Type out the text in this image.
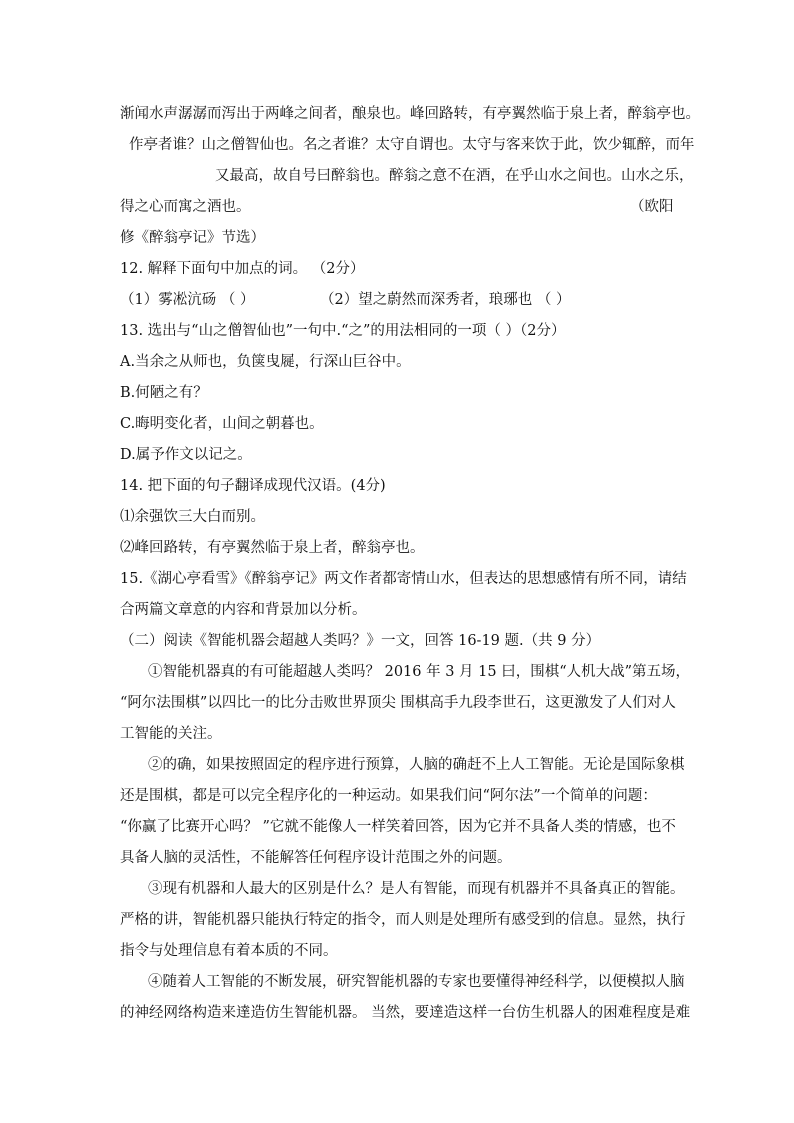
渐闻水声潺潺而泻出于两峰之间者，酿泉也。峰回路转，有亭翼然临于泉上者，醉翁亭也。
作亭者谁？山之僧智仙也。名之者谁？太守自谓也。太守与客来饮于此，饮少辄醉，而年
又最高，故自号曰醉翁也。醉翁之意不在酒，在乎山水之间也。山水之乐，
得之心而寓之酒也。	（欧阳
修《醉翁亭记》节选）
12. 解释下面句中加点的词。 （2分）
（1）雾凇沆砀 （ ）	（2）望之蔚然而深秀者，琅琊也 （ ）
13. 选出与“山之僧智仙也”一句中.“之”的用法相同的一项（ ）（2分）
A.当余之从师也，负箧曳屣，行深山巨谷中。
B.何陋之有？
C.晦明变化者，山间之朝暮也。
D.属予作文以记之。
14. 把下面的句子翻译成现代汉语。(4分)
⑴余强饮三大白而别。
⑵峰回路转，有亭翼然临于泉上者，醉翁亭也。
15.《湖心亭看雪》《醉翁亭记》两文作者都寄情山水，但表达的思想感情有所不同，请结
合两篇文章意的内容和背景加以分析。
（二）阅读《智能机器会超越人类吗？》一文，回答 16-19 题.（共 9 分）
①智能机器真的有可能超越人类吗？ 2016 年 3 月 15 曰，围棋“人机大战”第五场，
“阿尔法围棋”以四比一的比分击败世界顶尖 围棋高手九段李世石，这更激发了人们对人
工智能的关注。
②的确，如果按照固定的程序进行预算，人脑的确赶不上人工智能。无论是国际象棋
还是围棋，都是可以完全程序化的一种运动。如果我们问“阿尔法”一个简单的问题：
“你赢了比赛开心吗？ ”它就不能像人一样笑着回答，因为它并不具备人类的情感，也不
具备人脑的灵活性，不能解答任何程序设计范围之外的问题。
③现有机器和人最大的区别是什么？是人有智能，而现有机器并不具备真正的智能。
严格的讲，智能机器只能执行特定的指令，而人则是处理所有感受到的信息。显然，执行
指令与处理信息有着本质的不同。
④随着人工智能的不断发展，研究智能机器的专家也要懂得神经科学，以便模拟人脑
的神经网络构造来達造仿生智能机器。 当然，要達造这样一台仿生机器人的困难程度是难
